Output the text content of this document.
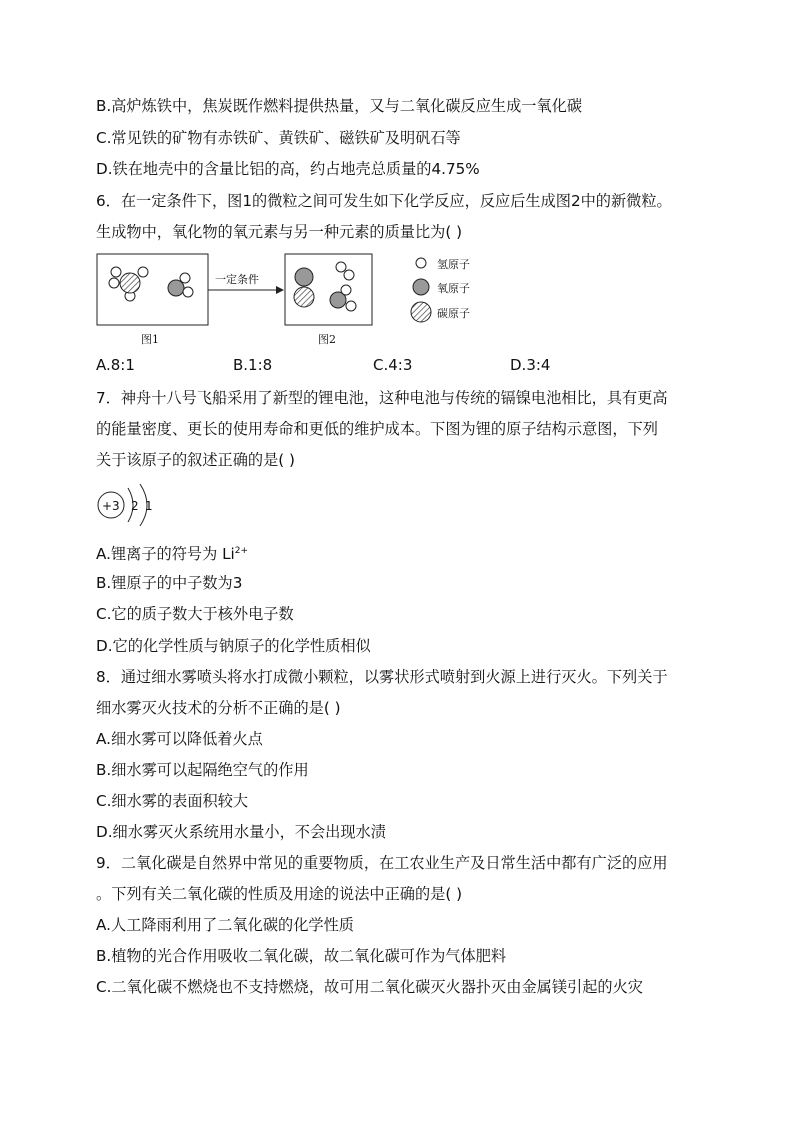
B.高炉炼铁中，焦炭既作燃料提供热量，又与二氧化碳反应生成一氧化碳
C.常见铁的矿物有赤铁矿、黄铁矿、磁铁矿及明矾石等
D.铁在地壳中的含量比铝的高，约占地壳总质量的4.75%
6．在一定条件下，图1的微粒之间可发生如下化学反应，反应后生成图2中的新微粒。
生成物中，氧化物的氧元素与另一种元素的质量比为( )
一定条件
氢原子
氧原子
碳原子
图1	图2
A.8:1	B.1:8	C.4:3	D.3:4
7．神舟十八号飞船采用了新型的锂电池，这种电池与传统的镉镍电池相比，具有更高
的能量密度、更长的使用寿命和更低的维护成本。下图为锂的原子结构示意图，下列
关于该原子的叙述正确的是( )
+3 2 1
A.锂离子的符号为 $Li^{2+}$
B.锂原子的中子数为3
C.它的质子数大于核外电子数
D.它的化学性质与钠原子的化学性质相似
8．通过细水雾喷头将水打成微小颗粒，以雾状形式喷射到火源上进行灭火。下列关于
细水雾灭火技术的分析不正确的是( )
A.细水雾可以降低着火点
B.细水雾可以起隔绝空气的作用
C.细水雾的表面积较大
D.细水雾灭火系统用水量小，不会出现水渍
9．二氧化碳是自然界中常见的重要物质，在工农业生产及日常生活中都有广泛的应用
。下列有关二氧化碳的性质及用途的说法中正确的是( )
A.人工降雨利用了二氧化碳的化学性质
B.植物的光合作用吸收二氧化碳，故二氧化碳可作为气体肥料
C.二氧化碳不燃烧也不支持燃烧，故可用二氧化碳灭火器扑灭由金属镁引起的火灾
